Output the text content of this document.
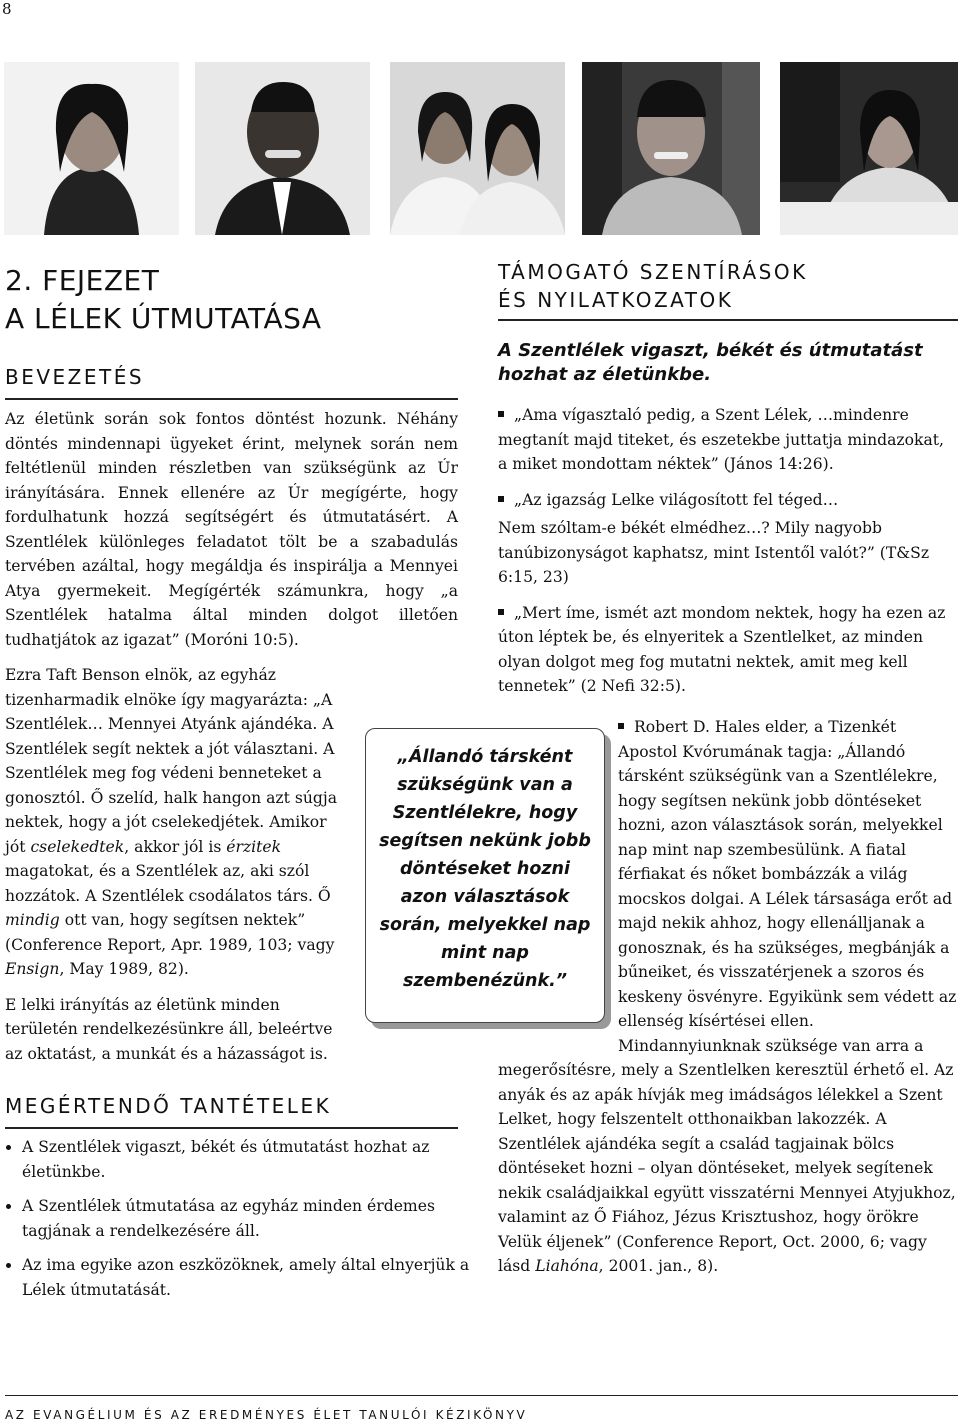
8
2. FEJEZET
A LÉLEK ÚTMUTATÁSA
BEVEZETÉS

Az életünk során sok fontos döntést hozunk. Néhány döntés mindennapi ügyeket érint, melynek során nem feltétlenül minden részletben van szükségünk az Úr irányítására. Ennek ellenére az Úr megígérte, hogy fordulhatunk hozzá segítségért és útmutatásért. A Szentlélek különleges feladatot tölt be a szabadulás tervében azáltal, hogy megáldja és inspirálja a Mennyei Atya gyermekeit. Megígérték számunkra, hogy „a Szentlélek hatalma által minden dolgot illetően tudhatjátok az igazat” (Moróni 10:5).

Ezra Taft Benson elnök, az egyház tizenharmadik elnöke így magyarázta: „A Szentlélek… Mennyei Atyánk ajándéka. A Szentlélek segít nektek a jót választani. A Szentlélek meg fog védeni benneteket a gonosztól. Ő szelíd, halk hangon azt súgja nektek, hogy a jót cselekedjétek. Amikor jót cselekedtek, akkor jól is érzitek magatokat, és a Szentlélek az, aki szól hozzátok. A Szentlélek csodálatos társ. Ő mindig ott van, hogy segítsen nektek” (Conference Report, Apr. 1989, 103; vagy Ensign, May 1989, 82).

E lelki irányítás az életünk minden területén rendelkezésünkre áll, beleértve az oktatást, a munkát és a házasságot is.

MEGÉRTENDŐ TANTÉTELEK
• A Szentlélek vigaszt, békét és útmutatást hozhat az életünkbe.
• A Szentlélek útmutatása az egyház minden érdemes tagjának a rendelkezésére áll.
• Az ima egyike azon eszközöknek, amely által elnyerjük a Lélek útmutatását.
„Állandó társként szükségünk van a Szentlélekre, hogy segítsen nekünk jobb döntéseket hozni azon választások során, melyekkel nap mint nap szembenézünk.”
TÁMOGATÓ SZENTÍRÁSOK
ÉS NYILATKOZATOK
A Szentlélek vigaszt, békét és útmutatást hozhat az életünkbe.

„Ama vígasztaló pedig, a Szent Lélek, …mindenre megtanít majd titeket, és eszetekbe juttatja mindazokat, a miket mondottam néktek” (János 14:26).

„Az igazság Lelke világosított fel téged…

Nem szóltam-e békét elmédhez…? Mily nagyobb tanúbizonyságot kaphatsz, mint Istentől valót?” (T&Sz 6:15, 23)

„Mert íme, ismét azt mondom nektek, hogy ha ezen az úton léptek be, és elnyeritek a Szentlelket, az minden olyan dolgot meg fog mutatni nektek, amit meg kell tennetek” (2 Nefi 32:5).

Robert D. Hales elder, a Tizenkét Apostol Kvórumának tagja: „Állandó társként szükségünk van a Szentlélekre, hogy segítsen nekünk jobb döntéseket hozni, azon választások során, melyekkel nap mint nap szembesülünk. A fiatal férfiakat és nőket bombázzák a világ mocskos dolgai. A Lélek társasága erőt ad majd nekik ahhoz, hogy ellenálljanak a gonosznak, és ha szükséges, megbánják a bűneiket, és visszatérjenek a szoros és keskeny ösvényre. Egyikünk sem védett az ellenség kísértései ellen. Mindannyiunknak szüksége van arra a megerősítésre, mely a Szentlelken keresztül érhető el. Az anyák és az apák hívják meg imádságos lélekkel a Szent Lelket, hogy felszentelt otthonaikban lakozzék. A Szentlélek ajándéka segít a család tagjainak bölcs döntéseket hozni – olyan döntéseket, melyek segítenek nekik családjaikkal együtt visszatérni Mennyei Atyjukhoz, valamint az Ő Fiához, Jézus Krisztushoz, hogy örökre Velük éljenek” (Conference Report, Oct. 2000, 6; vagy lásd Liahóna, 2001. jan., 8).
AZ EVANGÉLIUM ÉS AZ EREDMÉNYES ÉLET TANULÓI KÉZIKÖNYV
